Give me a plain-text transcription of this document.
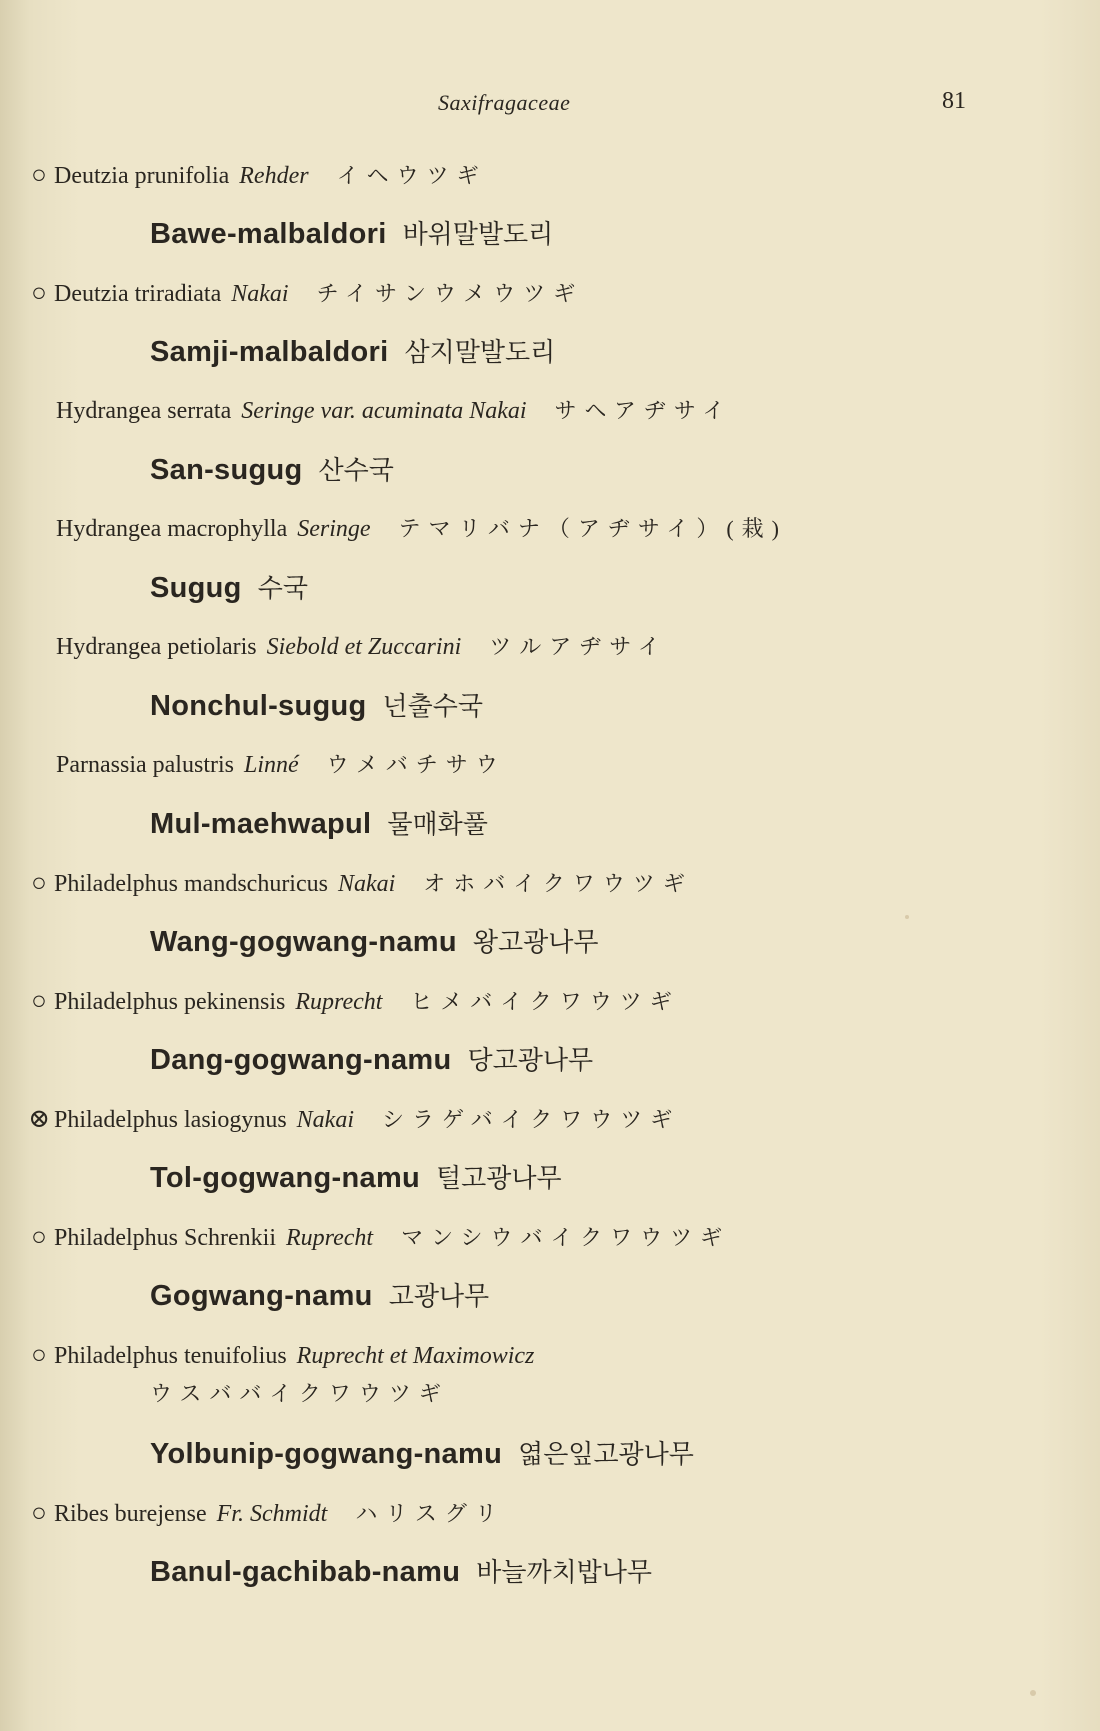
Saxifragaceae	81
○ Deutzia prunifolia Rehder イヘウツギ
Bawe-malbaldori 바위말발도리
○ Deutzia triradiata Nakai チイサンウメウツギ
Samji-malbaldori 삼지말발도리
Hydrangea serrata Seringe var. acuminata Nakai サヘアヂサイ
San-sugug 산수국
Hydrangea macrophylla Seringe テマリバナ（アヂサイ）(栽)
Sugug 수국
Hydrangea petiolaris Siebold et Zuccarini ツルアヂサイ
Nonchul-sugug 넌출수국
Parnassia palustris Linné ウメバチサウ
Mul-maehwapul 물매화풀
○ Philadelphus mandschuricus Nakai オホバイクワウツギ
Wang-gogwang-namu 왕고광나무
○ Philadelphus pekinensis Ruprecht ヒメバイクワウツギ
Dang-gogwang-namu 당고광나무
⊗ Philadelphus lasiogynus Nakai シラゲバイクワウツギ
Tol-gogwang-namu 털고광나무
○ Philadelphus Schrenkii Ruprecht マンシウバイクワウツギ
Gogwang-namu 고광나무
○ Philadelphus tenuifolius Ruprecht et Maximowicz
ウスババイクワウツギ
Yolbunip-gogwang-namu 엷은잎고광나무
○ Ribes burejense Fr. Schmidt ハリスグリ
Banul-gachibab-namu 바늘까치밥나무
